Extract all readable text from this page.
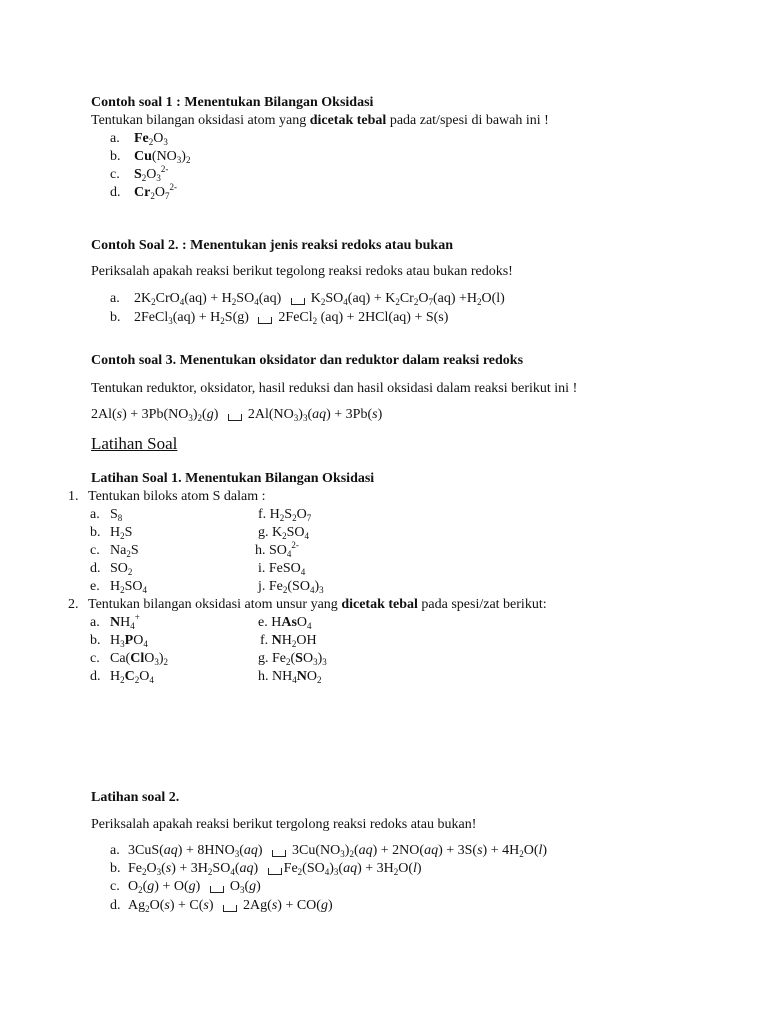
Contoh soal 1 : Menentukan Bilangan Oksidasi
Tentukan bilangan oksidasi atom yang dicetak tebal pada zat/spesi di bawah ini !
a. $Fe_2O_3$
b. $Cu(NO_3)_2$
c. $S_2O_3^{2-}$
d. $Cr_2O_7^{2-}$
Contoh Soal 2. : Menentukan jenis reaksi redoks atau bukan
Periksalah apakah reaksi berikut tegolong reaksi redoks atau bukan redoks!
a. $2K_2CrO_4(aq) + H_2SO_4(aq) K_2SO_4(aq) + K_2Cr_2O_7(aq) +H_2O(l)$
b. 2FeCl$_3$(aq) + $H_2S(g)$ 2FeCl$_2$ (aq) + 2HCl(aq) + S(s)
Contoh soal 3. Menentukan oksidator dan reduktor dalam reaksi redoks
Tentukan reduktor, oksidator, hasil reduksi dan hasil oksidasi dalam reaksi berikut ini !
$2Al(s) + 3Pb(NO_3)_2(g) 2Al(NO_3)_3(aq) + 3Pb(s)$
Latihan Soal
Latihan Soal 1. Menentukan Bilangan Oksidasi
1. Tentukan biloks atom S dalam :
a. $S_8$
b. $H_2S$
c. $Na_2S$
d. $SO_2$
e. $H_2SO_4$
f. $H_2S_2O_7$
g. $K_2SO_4$
h. $SO_4^{2-}$
i. FeSO$_4$
j. $Fe_2(SO_4)_3$
2. Tentukan bilangan oksidasi atom unsur yang dicetak tebal pada spesi/zat berikut:
a. $NH_4^+$
b. $H_3PO_4$
c. $Ca(ClO_3)_2$
d. $H_2C_2O_4$
e. HAsO$_4$
f. $NH_2OH$
g. $Fe_2(SO_3)_3$
h. $NH_4NO_2$
Latihan soal 2.
Periksalah apakah reaksi berikut tergolong reaksi redoks atau bukan!
a. $3CuS(aq) + 8HNO_3(aq) 3Cu(NO_3)_2(aq) + 2NO(aq) + 3S(s) + 4H_2O(l)$
b. $Fe_2O_3(s) + 3H_2SO_4(aq) Fe_2(SO_4)_3(aq) + 3H_2O(l)$
c. $O_2(g) + O(g)$ $O_3(g)$
d. $Ag_2O(s) + C(s) 2Ag(s) + CO(g)$
